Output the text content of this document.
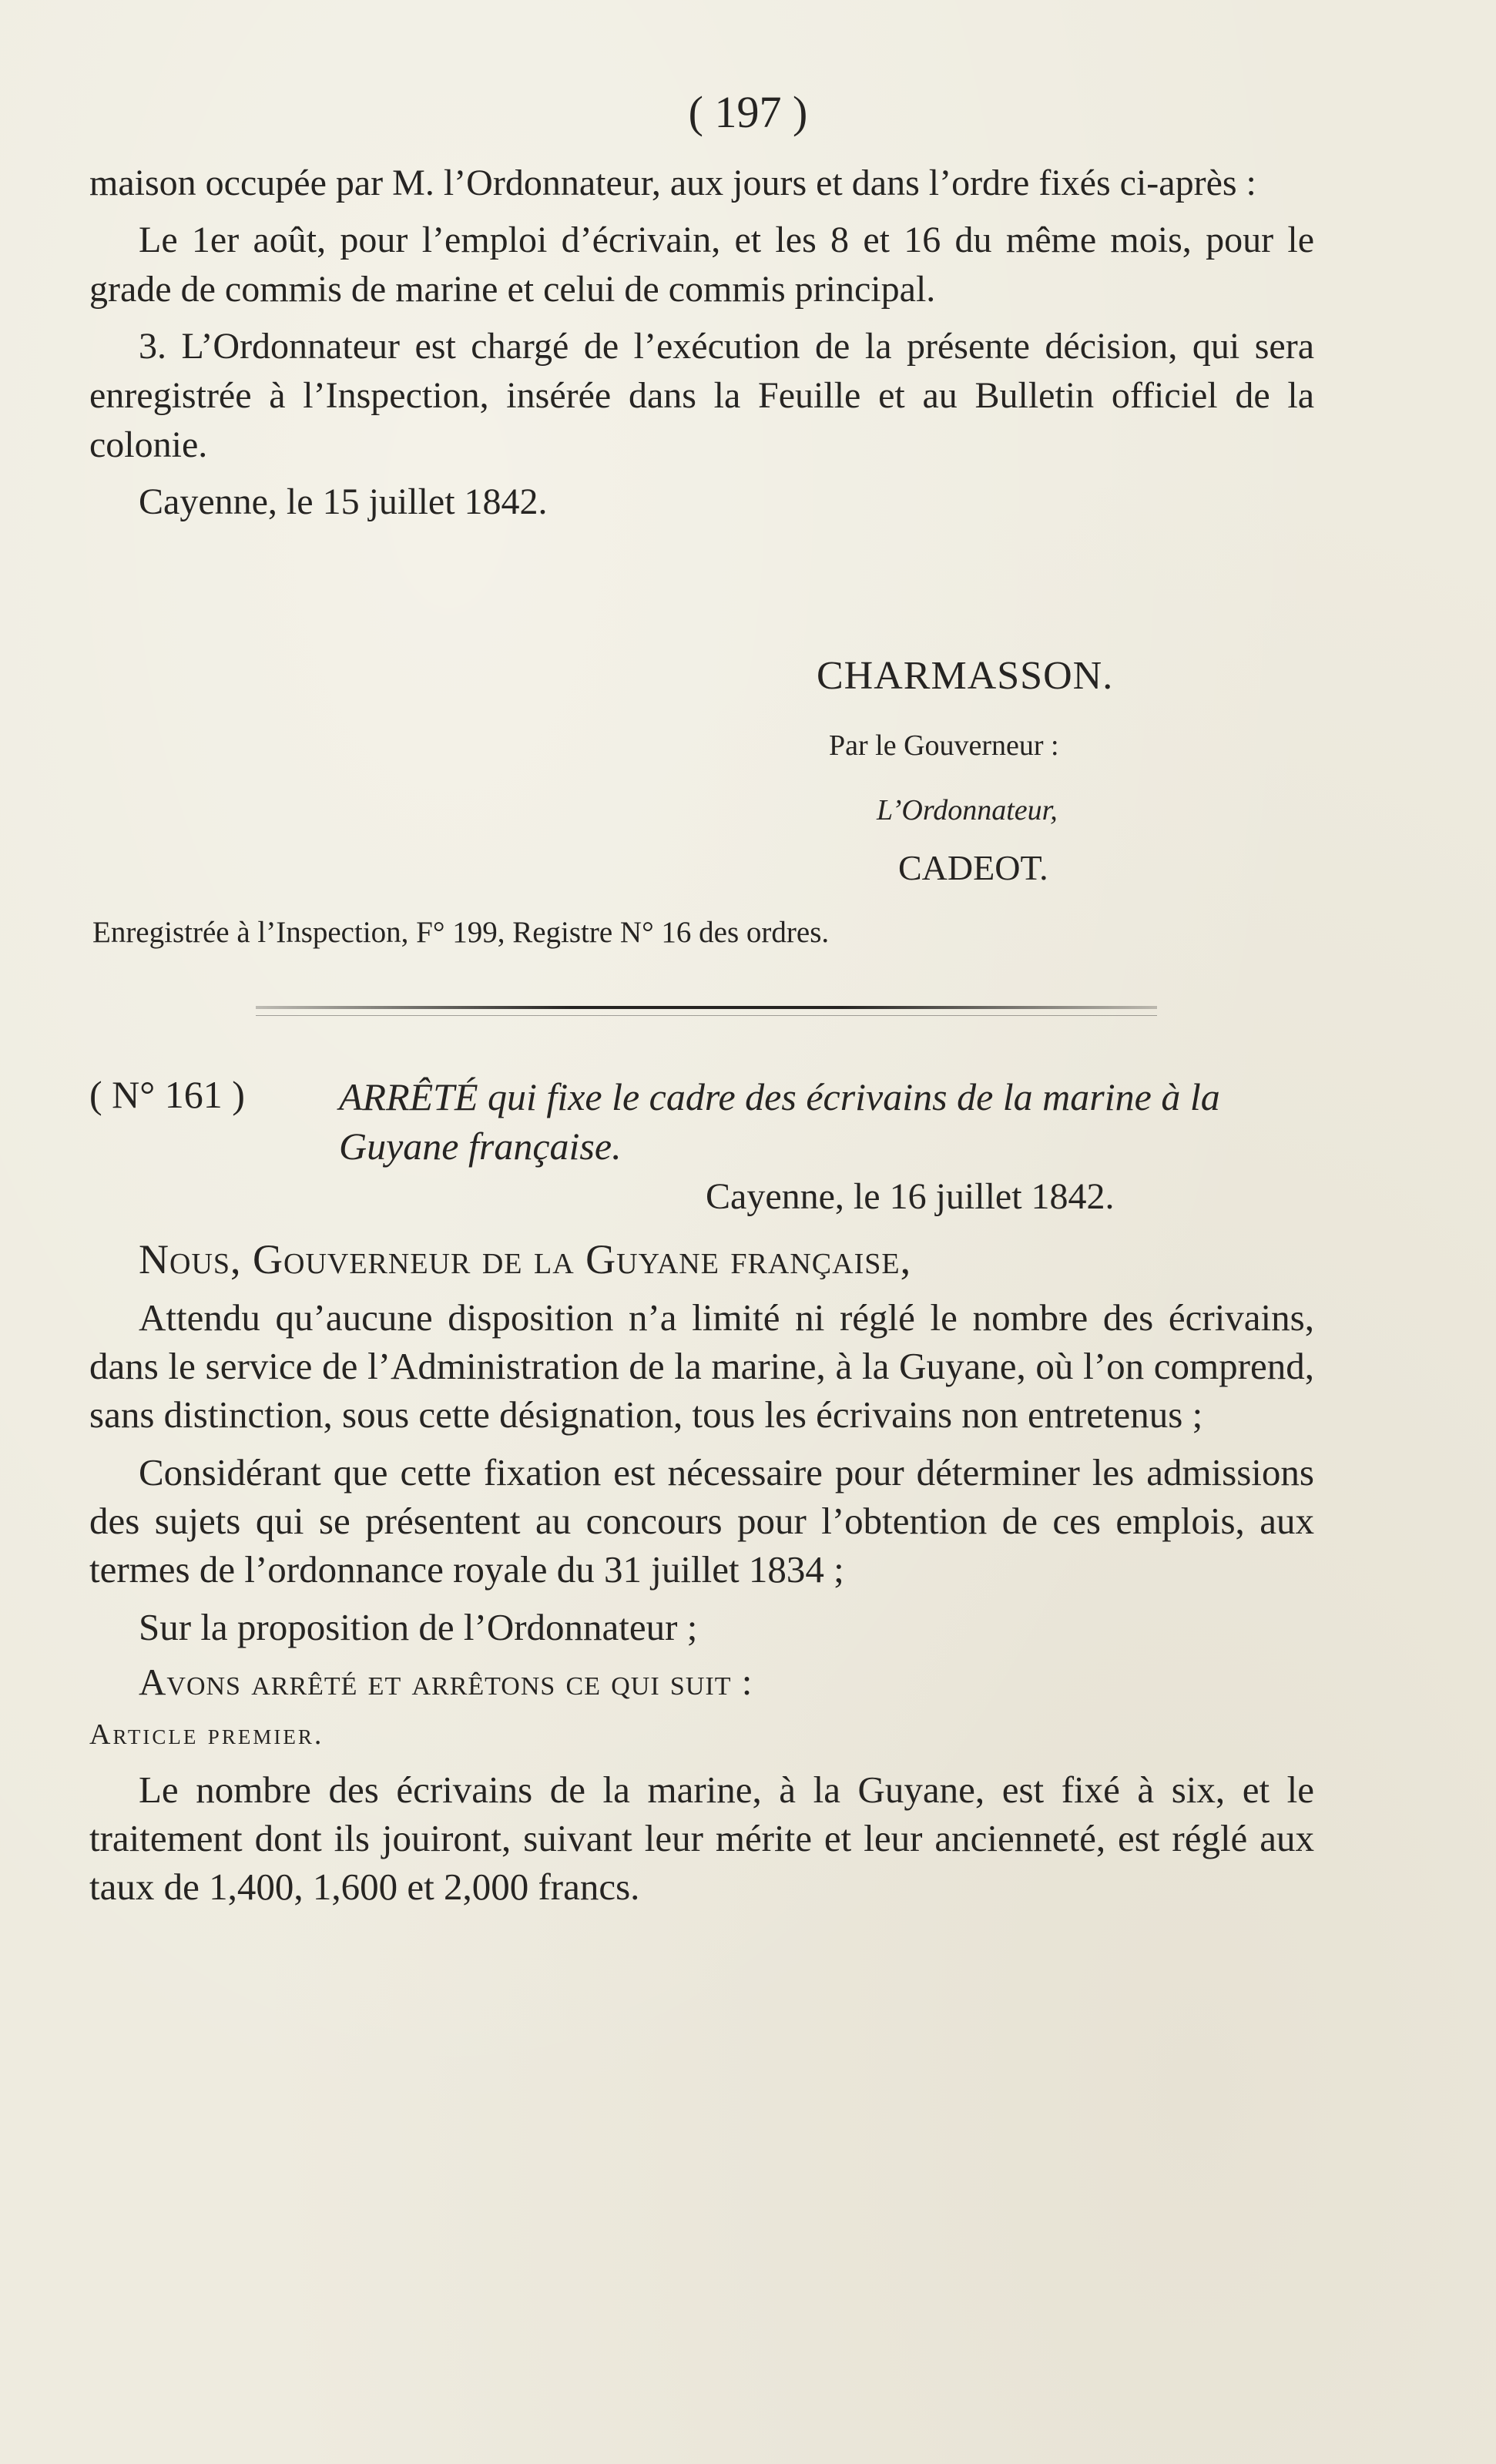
( 197 )

maison occupée par M. l’Ordonnateur, aux jours et dans l’ordre fixés ci-après :

Le 1er août, pour l’emploi d’écrivain, et les 8 et 16 du même mois, pour le grade de commis de marine et celui de commis principal.

3. L’Ordonnateur est chargé de l’exécution de la présente décision, qui sera enregistrée à l’Inspection, insérée dans la Feuille et au Bulletin officiel de la colonie.

Cayenne, le 15 juillet 1842.

CHARMASSON.
Par le Gouverneur :
L’Ordonnateur,
CADEOT.
Enregistrée à l’Inspection, F° 199, Registre N° 16 des ordres.
( N° 161 ) ARRÊTÉ qui fixe le cadre des écrivains de la marine à la Guyane française.
Cayenne, le 16 juillet 1842.

Nous, Gouverneur de la Guyane française,

Attendu qu’aucune disposition n’a limité ni réglé le nombre des écrivains, dans le service de l’Administration de la marine, à la Guyane, où l’on comprend, sans distinction, sous cette désignation, tous les écrivains non entretenus ;

Considérant que cette fixation est nécessaire pour déterminer les admissions des sujets qui se présentent au concours pour l’obtention de ces emplois, aux termes de l’ordonnance royale du 31 juillet 1834 ;

Sur la proposition de l’Ordonnateur ;

Avons arrêté et arrêtons ce qui suit :

Article premier.

Le nombre des écrivains de la marine, à la Guyane, est fixé à six, et le traitement dont ils jouiront, suivant leur mérite et leur ancienneté, est réglé aux taux de 1,400, 1,600 et 2,000 francs.
